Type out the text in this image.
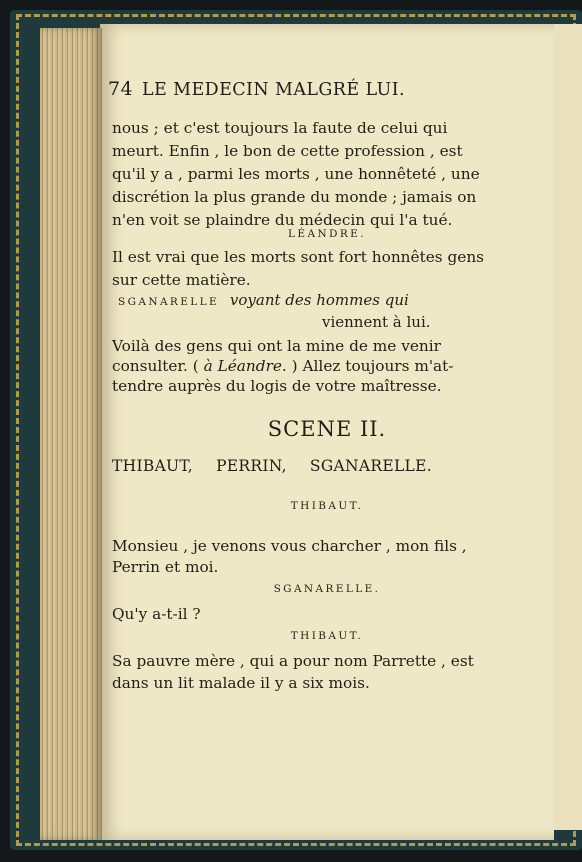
74 LE MEDECIN MALGRÉ LUI.
nous ; et c'est toujours la faute de celui qui
meurt. Enfin , le bon de cette profession , est
qu'il y a , parmi les morts , une honnêteté , une
discrétion la plus grande du monde ; jamais on
n'en voit se plaindre du médecin qui l'a tué.
LÉANDRE.
Il est vrai que les morts sont fort honnêtes gens
sur cette matière.
SGANARELLE voyant des hommes qui
viennent à lui.
Voilà des gens qui ont la mine de me venir
consulter. ( à Léandre. ) Allez toujours m'at-
tendre auprès du logis de votre maîtresse.
SCENE II.
THIBAUT, PERRIN, SGANARELLE.
THIBAUT.
Monsieu , je venons vous charcher , mon fils ,
Perrin et moi.
SGANARELLE.
Qu'y a-t-il ?
THIBAUT.
Sa pauvre mère , qui a pour nom Parrette , est
dans un lit malade il y a six mois.
